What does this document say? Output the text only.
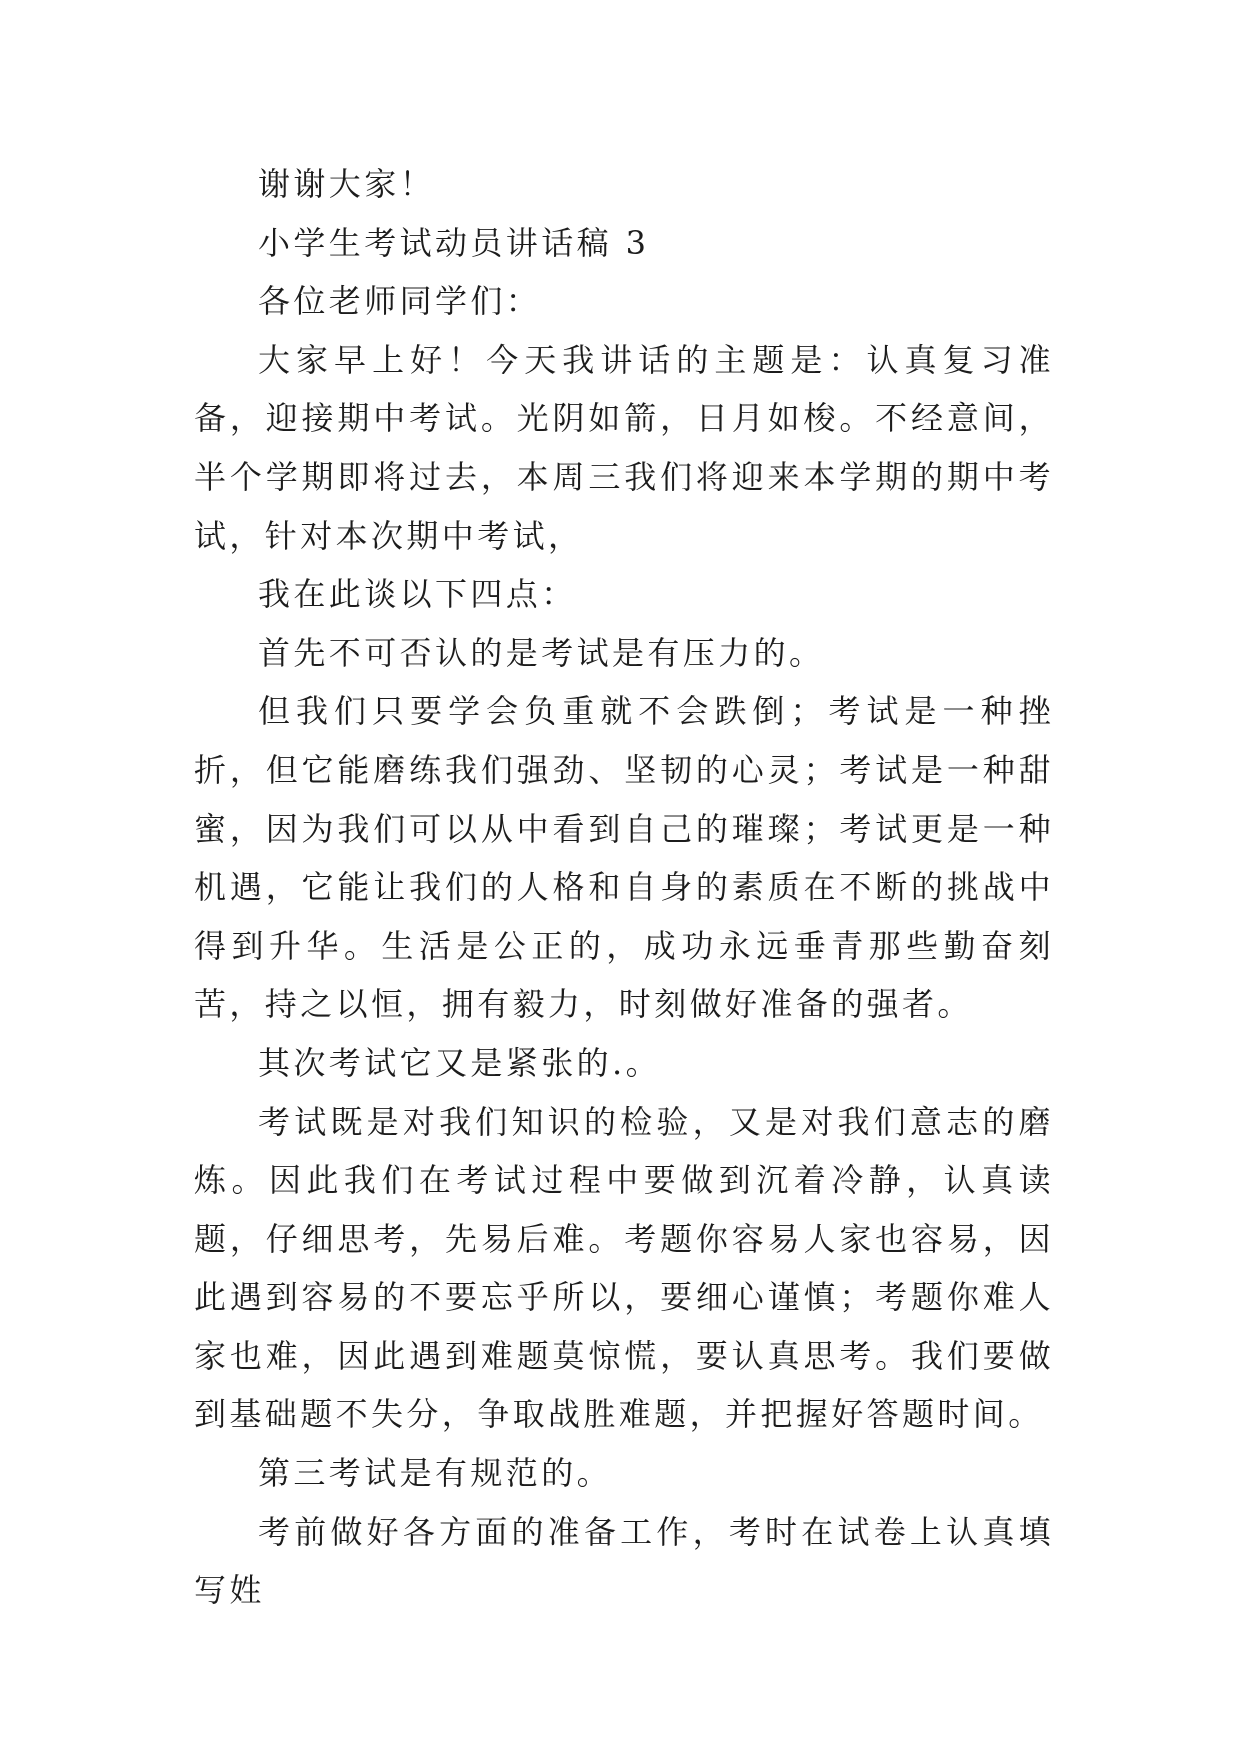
谢谢大家！

小学生考试动员讲话稿 3

各位老师同学们：

大家早上好！今天我讲话的主题是：认真复习准备，迎接期中考试。光阴如箭，日月如梭。不经意间，半个学期即将过去，本周三我们将迎来本学期的期中考试，针对本次期中考试，

我在此谈以下四点：

首先不可否认的是考试是有压力的。

但我们只要学会负重就不会跌倒；考试是一种挫折，但它能磨练我们强劲、坚韧的心灵；考试是一种甜蜜，因为我们可以从中看到自己的璀璨；考试更是一种机遇，它能让我们的人格和自身的素质在不断的挑战中得到升华。生活是公正的，成功永远垂青那些勤奋刻苦，持之以恒，拥有毅力，时刻做好准备的强者。

其次考试它又是紧张的.。

考试既是对我们知识的检验，又是对我们意志的磨炼。因此我们在考试过程中要做到沉着冷静，认真读题，仔细思考，先易后难。考题你容易人家也容易，因此遇到容易的不要忘乎所以，要细心谨慎；考题你难人家也难，因此遇到难题莫惊慌，要认真思考。我们要做到基础题不失分，争取战胜难题，并把握好答题时间。

第三考试是有规范的。

考前做好各方面的准备工作，考时在试卷上认真填写姓
